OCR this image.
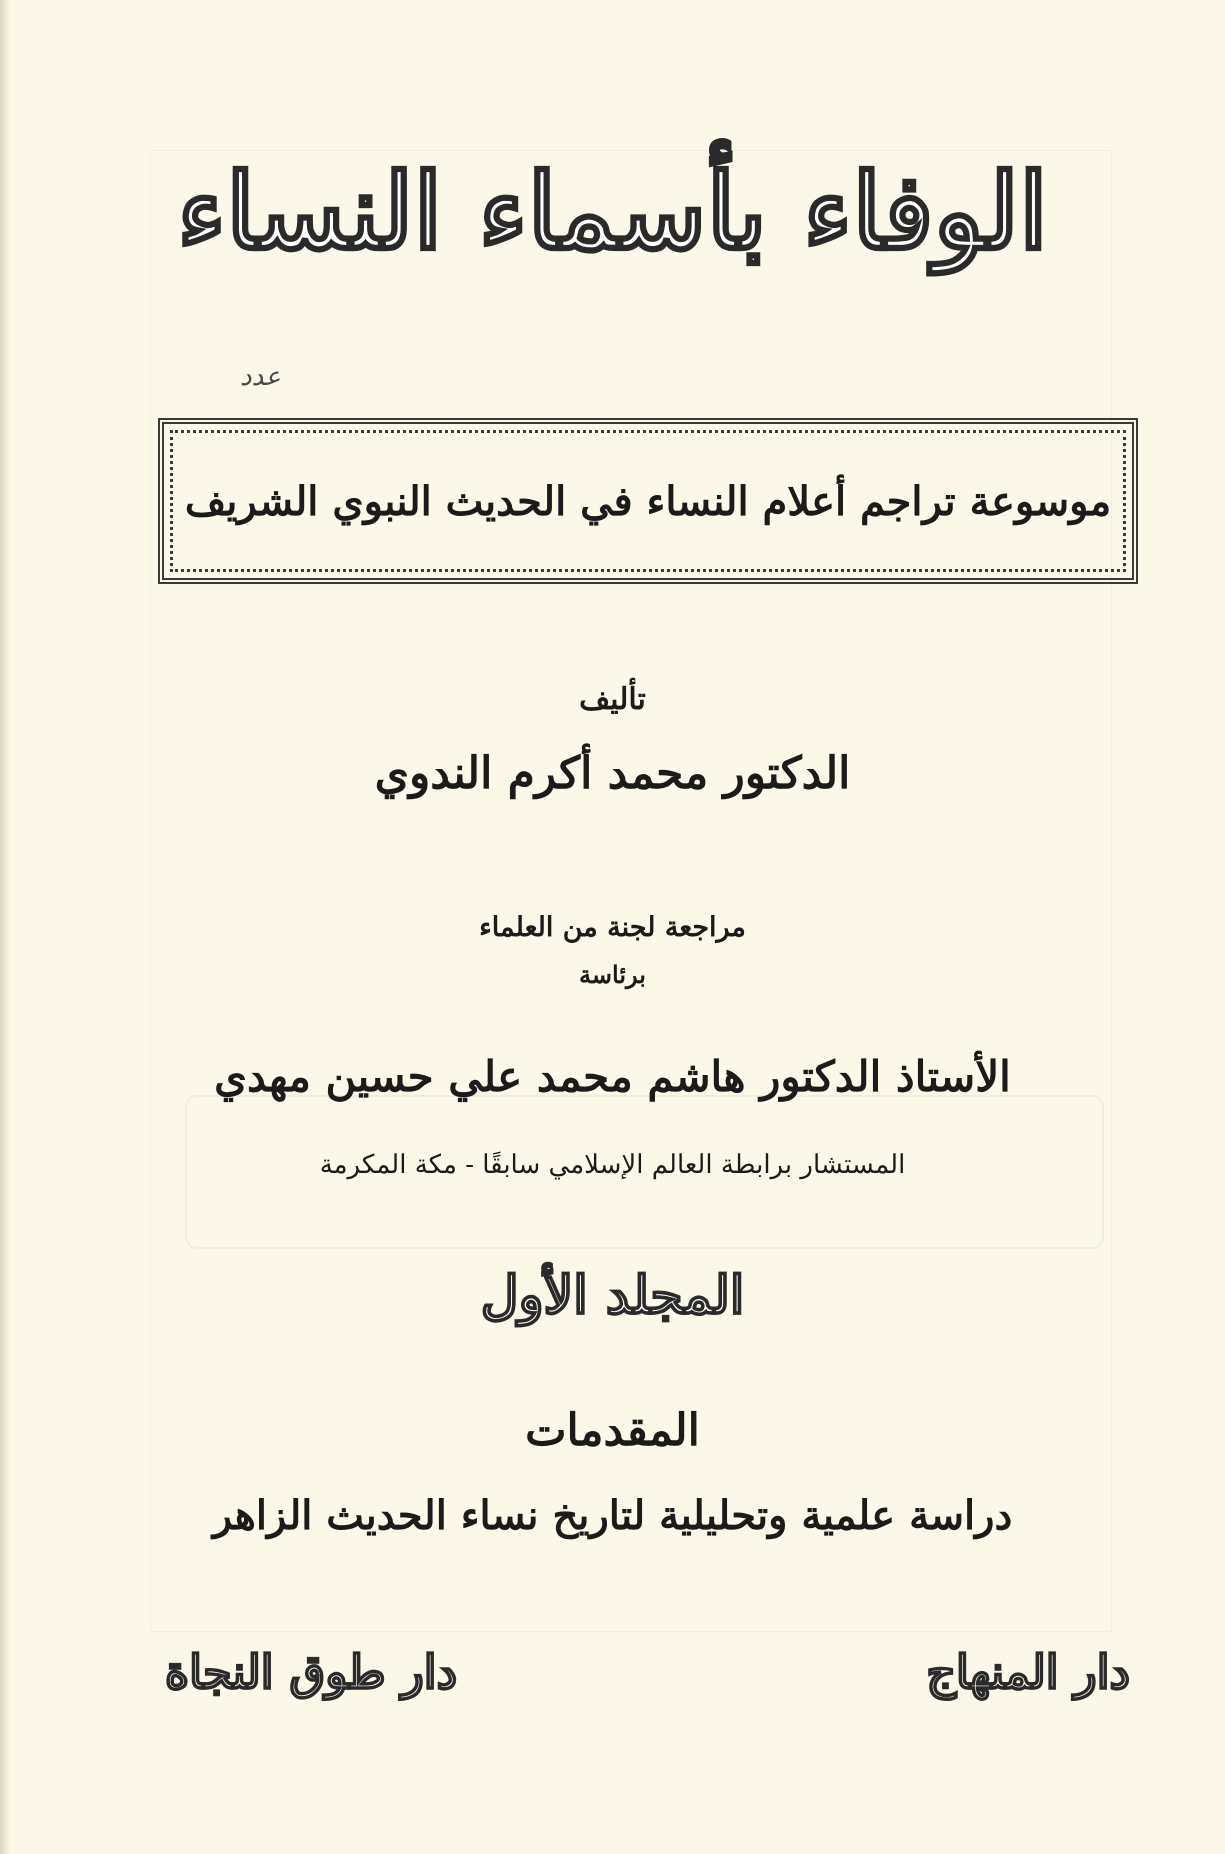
الوفاء بأسماء النساء
عدد
موسوعة تراجم أعلام النساء في الحديث النبوي الشريف
تأليف
الدكتور محمد أكرم الندوي
مراجعة لجنة من العلماء
برئاسة
الأستاذ الدكتور هاشم محمد علي حسين مهدي
المستشار برابطة العالم الإسلامي سابقًا - مكة المكرمة
المجلد الأول
المقدمات
دراسة علمية وتحليلية لتاريخ نساء الحديث الزاهر
دار المنهاج
دار طوق النجاة
